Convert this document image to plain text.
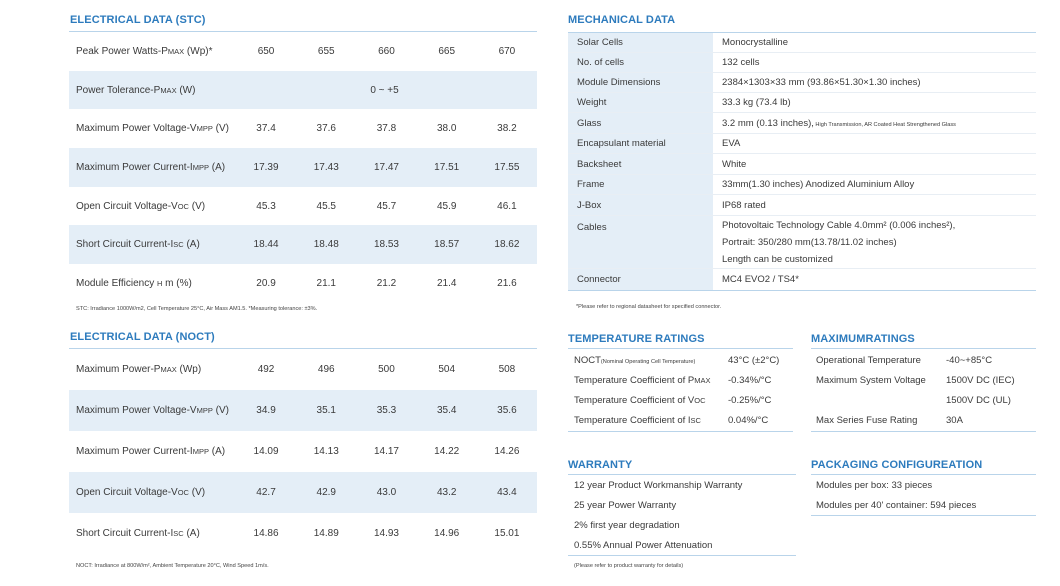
ELECTRICAL DATA (STC)
Peak Power Watts-PMAX (Wp)*	650	655	660	665	670
Power Tolerance-PMAX (W)	0 ~ +5
Maximum Power Voltage-VMPP (V)	37.4	37.6	37.8	38.0	38.2
Maximum Power Current-IMPP (A)	17.39	17.43	17.47	17.51	17.55
Open Circuit Voltage-VOC (V)	45.3	45.5	45.7	45.9	46.1
Short Circuit Current-ISC (A)	18.44	18.48	18.53	18.57	18.62
Module Efficiency Η m (%)	20.9	21.1	21.2	21.4	21.6
STC: Irradiance 1000W/m2, Cell Temperature 25°C, Air Mass AM1.5. *Measuring tolerance: ±3%.
ELECTRICAL DATA (NOCT)
Maximum Power-PMAX (Wp)	492	496	500	504	508
Maximum Power Voltage-VMPP (V)	34.9	35.1	35.3	35.4	35.6
Maximum Power Current-IMPP (A)	14.09	14.13	14.17	14.22	14.26
Open Circuit Voltage-VOC (V)	42.7	42.9	43.0	43.2	43.4
Short Circuit Current-ISC (A)	14.86	14.89	14.93	14.96	15.01
NOCT: Irradiance at 800W/m², Ambient Temperature 20°C, Wind Speed 1m/s.
MECHANICAL DATA
Solar Cells	Monocrystalline
No. of cells	132 cells
Module Dimensions	2384×1303×33 mm (93.86×51.30×1.30 inches)
Weight	33.3 kg (73.4 lb)
Glass	3.2 mm (0.13 inches), High Transmission, AR Coated Heat Strengthened Glass
Encapsulant material	EVA
Backsheet	White
Frame	33mm(1.30 inches) Anodized Aluminium Alloy
J-Box	IP68 rated
Cables	Photovoltaic Technology Cable 4.0mm² (0.006 inches²),
Portrait: 350/280 mm(13.78/11.02 inches)
Length can be customized
Connector	MC4 EVO2 / TS4*
*Please refer to regional datasheet for specified connector.
TEMPERATURE RATINGS
NOCT(Nominal Operating Cell Temperature)	43°C (±2°C)
Temperature Coefficient of PMAX	-0.34%/°C
Temperature Coefficient of VOC	-0.25%/°C
Temperature Coefficient of ISC	0.04%/°C
MAXIMUMRATINGS
Operational Temperature	-40~+85°C
Maximum System Voltage	1500V DC (IEC)
1500V DC (UL)
Max Series Fuse Rating	30A
WARRANTY
12 year Product Workmanship Warranty
25 year Power Warranty
2% first year degradation
0.55% Annual Power Attenuation
(Please refer to product warranty for details)
PACKAGING CONFIGUREATION
Modules per box: 33 pieces
Modules per 40' container: 594 pieces
